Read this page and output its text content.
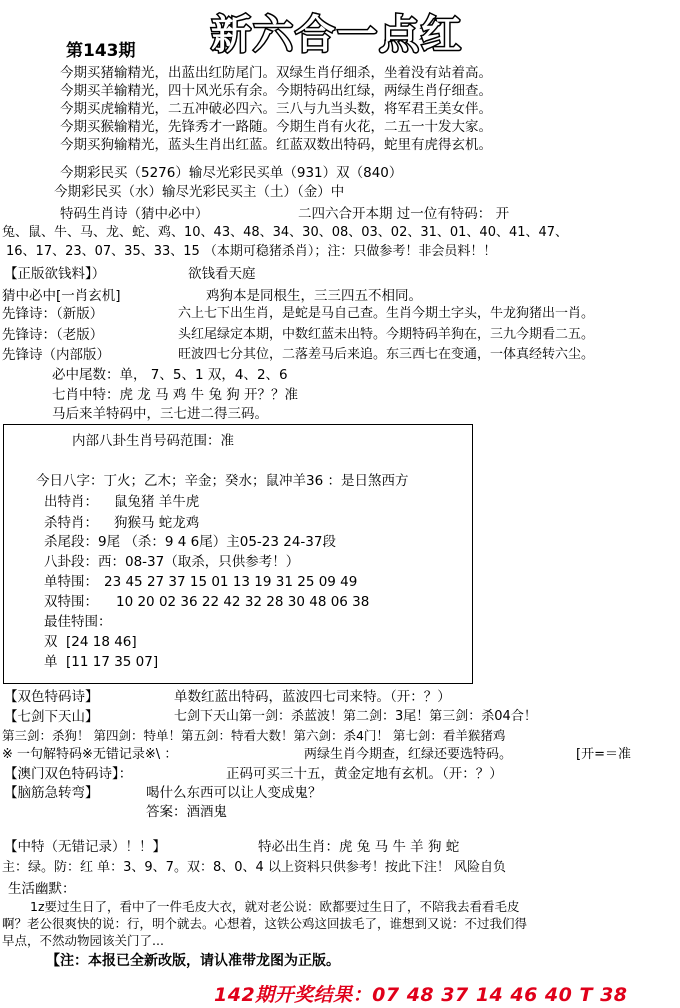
第143期 新六合一点红
今期买猪输精光，出蓝出红防尾门。双绿生肖仔细杀，坐着没有站着高。
今期买羊输精光，四十风光乐有余。今期特码出红绿，两绿生肖仔细查。
今期买虎输精光，二五冲破必四六。三八与九当头数，将军君王美女伴。
今期买猴输精光，先锋秀才一路随。今期生肖有火花，二五一十发大家。
今期买狗输精光，蓝头生肖出红蓝。红蓝双数出特码，蛇里有虎得玄机。
今期彩民买（5276）输尽光彩民买单（931）双（840）
今期彩民买（水）输尽光彩民买主（土）（金）中
特码生肖诗（猜中必中）	二四六合开本期 过一位有特码： 开
兔、鼠、牛、马、龙、蛇、鸡、10、43、48、34、30、08、03、02、31、01、40、41、47、
16、17、23、07、35、33、15 （本期可稳猪杀肖）；注：只做参考！非会员料！！
【正版欲钱料】）	欲钱看天庭
猜中必中[一肖玄机]	鸡狗本是同根生，三三四五不相同。
先锋诗：（新版）	六上七下出生肖，是蛇是马自己查。生肖今期土字头，牛龙狗猪出一肖。
先锋诗：（老版）	头红尾绿定本期，中数红蓝未出特。今期特码羊狗在，三九今期看二五。
先锋诗（内部版）	旺波四七分其位，二落差马后来追。东三西七在变通，一体真经转六尘。
必中尾数：单， 7、5、1 双，4、2、6
七肖中特：虎 龙 马 鸡 牛 兔 狗 开？？准
马后来羊特码中，三七进二得三码。
内部八卦生肖号码范围：准
今日八字：丁火；乙木；辛金；癸水；鼠冲羊36 ：是日煞西方
出特肖： 鼠兔猪 羊牛虎
杀特肖： 狗猴马 蛇龙鸡
杀尾段：9尾 （杀：9 4 6尾）主05-23 24-37段
八卦段：西：08-37（取杀，只供参考！）
单特围： 23 45 27 37 15 01 13 19 31 25 09 49
双特围： 10 20 02 36 22 42 32 28 30 48 06 38
最佳特围：
双 [24 18 46]
单 [11 17 35 07]
【双色特码诗】	单数红蓝出特码，蓝波四七司来特。（开：？）
【七剑下天山】	七剑下天山第一剑：杀蓝波！第二剑：3尾！第三剑：杀04合！
第三剑：杀狗！ 第四剑：特单！第五剑：特看大数！第六剑：杀4门！ 第七剑：看羊猴猪鸡
※ 一句解特码※无错记录※\ ：	两绿生肖今期查，红绿还要选特码。	[开=＝准
【澳门双色特码诗】：	正码可买三十五，黄金定地有玄机。（开：？）
【脑筋急转弯】	喝什么东西可以让人变成鬼？
答案：酒酒鬼
【中特（无错记录）！！】	特必出生肖：虎 兔 马 牛 羊 狗 蛇
主：绿。防：红 单：3、9、7。双：8、0、4 以上资料只供参考！按此下注！ 风险自负
生活幽默：
1z要过生日了，看中了一件毛皮大衣，就对老公说：欧都要过生日了，不陪我去看看毛皮
啊？老公很爽快的说：行，明个就去。心想着，这铁公鸡这回拔毛了，谁想到又说：不过我们得
早点，不然动物园该关门了...
【注：本报已全新改版，请认准带龙图为正版。
142期开奖结果：07 48 37 14 46 40 T 38
